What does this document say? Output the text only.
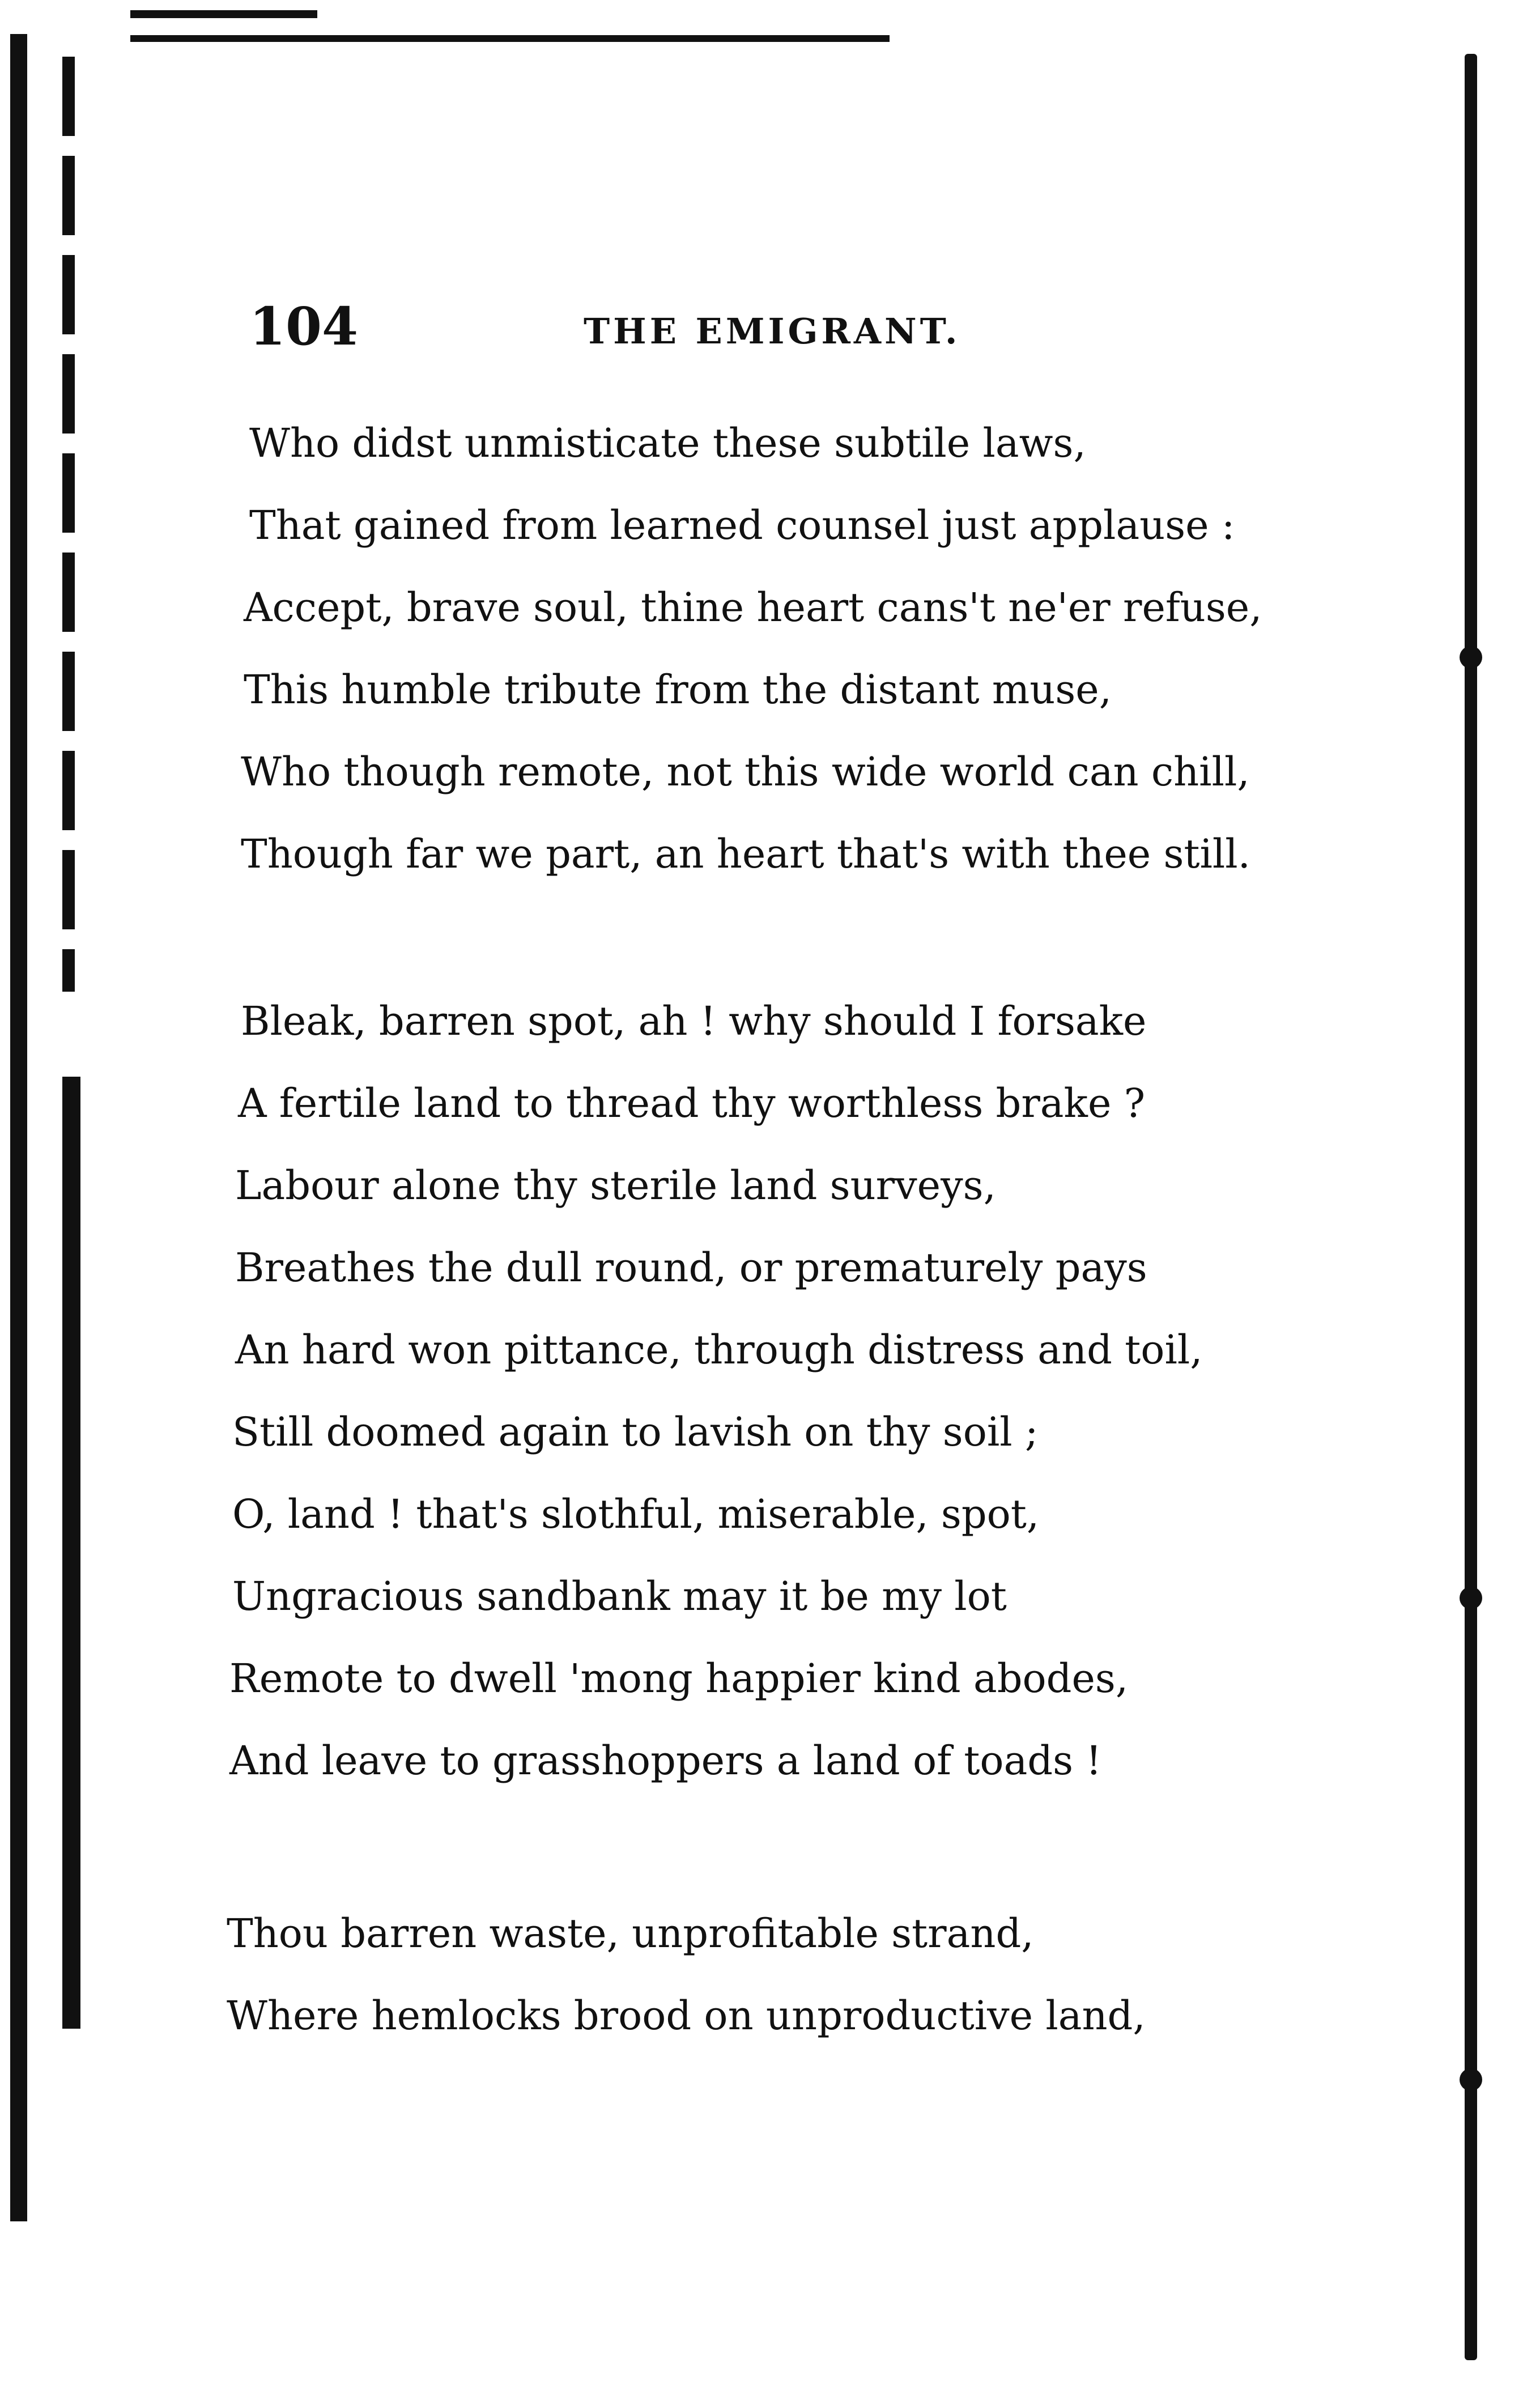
104	THE EMIGRANT.
Who didst unmisticate these subtile laws,
That gained from learned counsel just applause :
Accept, brave soul, thine heart cans't ne'er refuse,
This humble tribute from the distant muse,
Who though remote, not this wide world can chill,
Though far we part, an heart that's with thee still.
Bleak, barren spot, ah ! why should I forsake
A fertile land to thread thy worthless brake ?
Labour alone thy sterile land surveys,
Breathes the dull round, or prematurely pays
An hard won pittance, through distress and toil,
Still doomed again to lavish on thy soil ;
O, land ! that's slothful, miserable, spot,
Ungracious sandbank may it be my lot
Remote to dwell 'mong happier kind abodes,
And leave to grasshoppers a land of toads !
Thou barren waste, unprofitable strand,
Where hemlocks brood on unproductive land,
